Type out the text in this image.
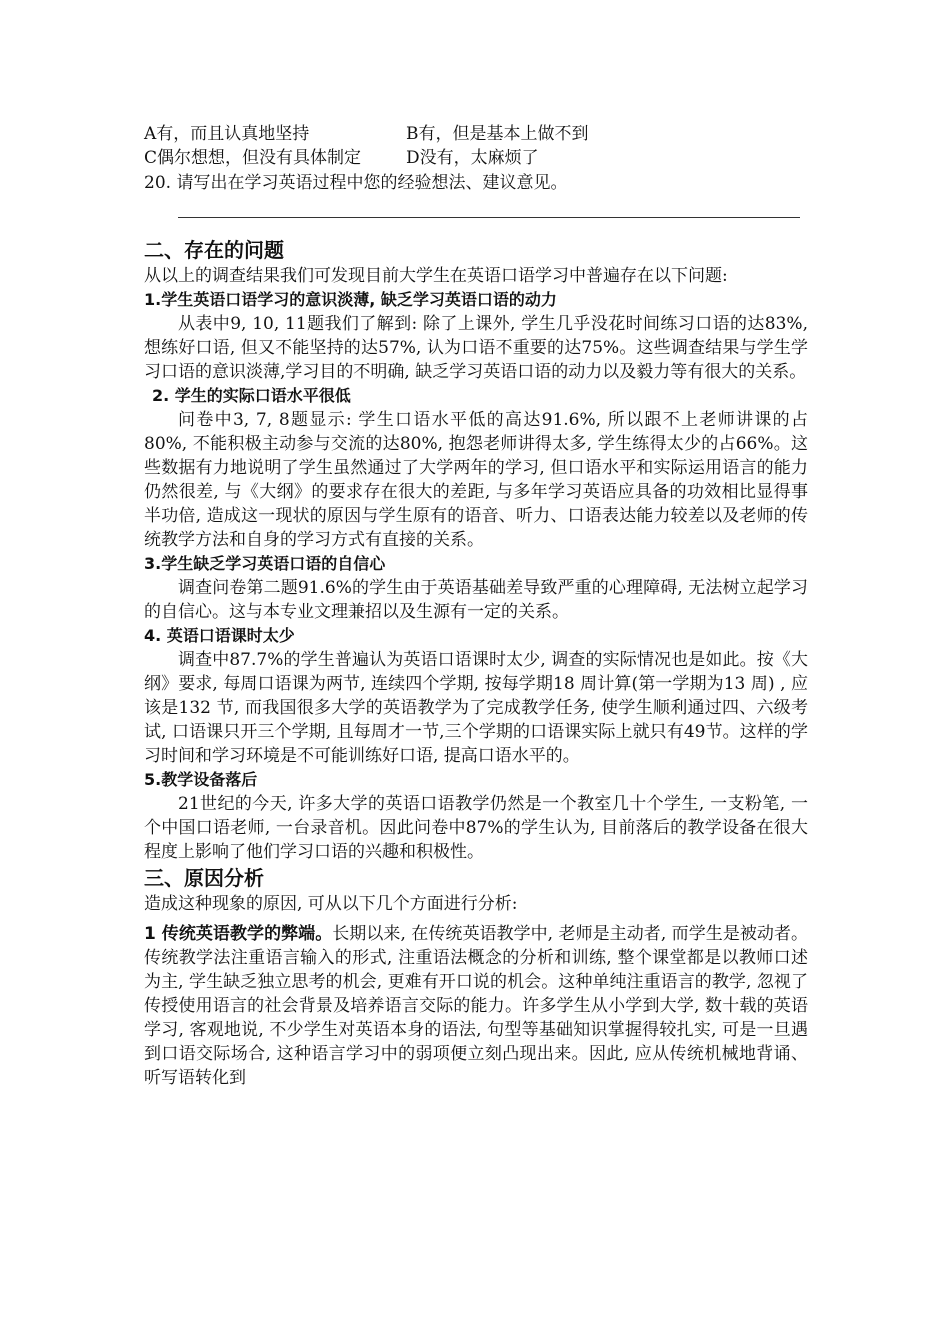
A有，而且认真地坚持	B有，但是基本上做不到
C偶尔想想，但没有具体制定	D没有，太麻烦了

20. 请写出在学习英语过程中您的经验想法、建议意见。

二、存在的问题

从以上的调查结果我们可发现目前大学生在英语口语学习中普遍存在以下问题:

1.学生英语口语学习的意识淡薄, 缺乏学习英语口语的动力

从表中9, 10, 11题我们了解到: 除了上课外, 学生几乎没花时间练习口语的达83%,想练好口语, 但又不能坚持的达57%, 认为口语不重要的达75%。这些调查结果与学生学习口语的意识淡薄,学习目的不明确, 缺乏学习英语口语的动力以及毅力等有很大的关系。

2. 学生的实际口语水平很低

问卷中3, 7, 8题显示: 学生口语水平低的高达91.6%, 所以跟不上老师讲课的占80%, 不能积极主动参与交流的达80%, 抱怨老师讲得太多, 学生练得太少的占66%。这些数据有力地说明了学生虽然通过了大学两年的学习, 但口语水平和实际运用语言的能力仍然很差, 与《大纲》的要求存在很大的差距, 与多年学习英语应具备的功效相比显得事半功倍, 造成这一现状的原因与学生原有的语音、听力、口语表达能力较差以及老师的传统教学方法和自身的学习方式有直接的关系。

3.学生缺乏学习英语口语的自信心

调查问卷第二题91.6%的学生由于英语基础差导致严重的心理障碍, 无法树立起学习的自信心。这与本专业文理兼招以及生源有一定的关系。

4. 英语口语课时太少

调查中87.7%的学生普遍认为英语口语课时太少, 调查的实际情况也是如此。按《大纲》要求, 每周口语课为两节, 连续四个学期, 按每学期18 周计算(第一学期为13 周) , 应该是132 节, 而我国很多大学的英语教学为了完成教学任务, 使学生顺利通过四、六级考试, 口语课只开三个学期, 且每周才一节,三个学期的口语课实际上就只有49节。这样的学习时间和学习环境是不可能训练好口语, 提高口语水平的。

5.教学设备落后

21世纪的今天, 许多大学的英语口语教学仍然是一个教室几十个学生, 一支粉笔, 一个中国口语老师, 一台录音机。因此问卷中87%的学生认为, 目前落后的教学设备在很大程度上影响了他们学习口语的兴趣和积极性。

三、原因分析

造成这种现象的原因, 可从以下几个方面进行分析:

1 传统英语教学的弊端。长期以来, 在传统英语教学中, 老师是主动者, 而学生是被动者。传统教学法注重语言输入的形式, 注重语法概念的分析和训练, 整个课堂都是以教师口述为主, 学生缺乏独立思考的机会, 更难有开口说的机会。这种单纯注重语言的教学, 忽视了传授使用语言的社会背景及培养语言交际的能力。许多学生从小学到大学, 数十载的英语学习, 客观地说, 不少学生对英语本身的语法, 句型等基础知识掌握得较扎实, 可是一旦遇到口语交际场合, 这种语言学习中的弱项便立刻凸现出来。因此, 应从传统机械地背诵、听写语转化到
